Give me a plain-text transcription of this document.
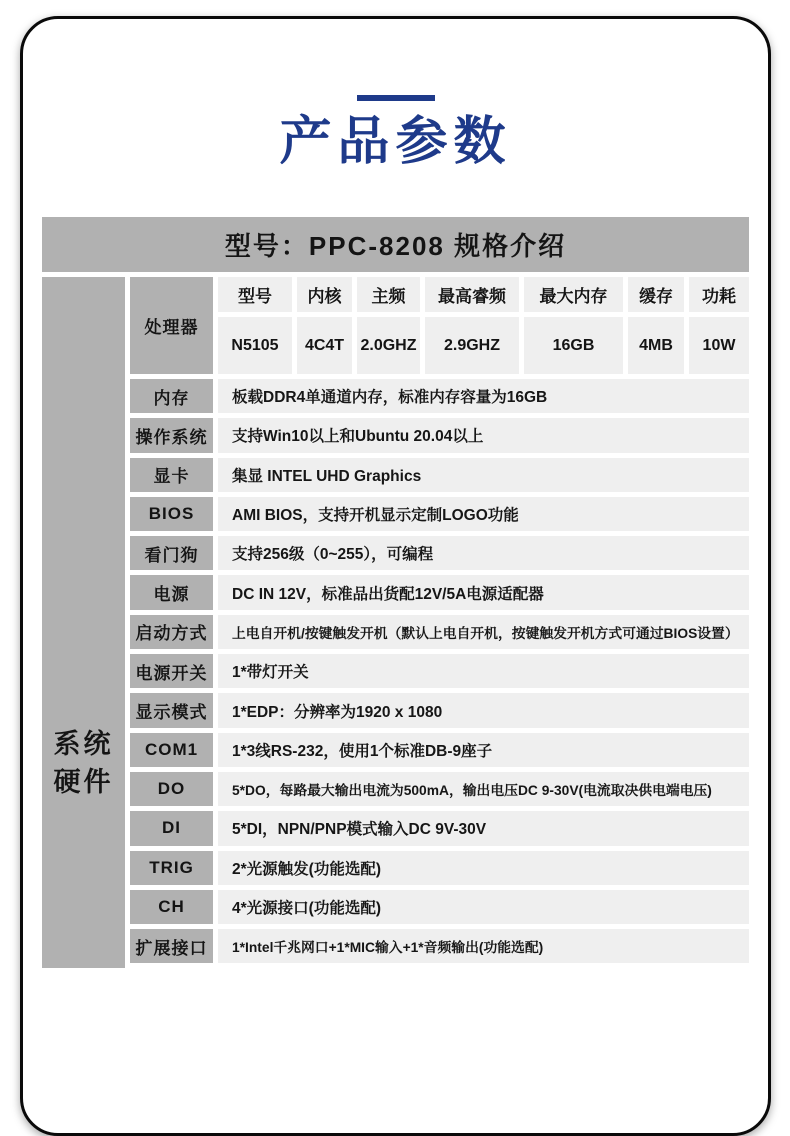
产品参数
型号：PPC-8208 规格介绍
系统
硬件
处理器
型号	内核	主频	最高睿频	最大内存	缓存	功耗
N5105	4C4T	2.0GHZ	2.9GHZ	16GB	4MB	10W
内存	板载DDR4单通道内存，标准内存容量为16GB
操作系统	支持Win10以上和Ubuntu 20.04以上
显卡	集显 INTEL UHD Graphics
BIOS	AMI BIOS，支持开机显示定制LOGO功能
看门狗	支持256级（0~255），可编程
电源	DC IN 12V，标准品出货配12V/5A电源适配器
启动方式	上电自开机/按键触发开机（默认上电自开机，按键触发开机方式可通过BIOS设置）
电源开关	1*带灯开关
显示模式	1*EDP：分辨率为1920 x 1080
COM1	1*3线RS-232，使用1个标准DB-9座子
DO	5*DO，每路最大输出电流为500mA，输出电压DC 9-30V(电流取决供电端电压)
DI	5*DI，NPN/PNP模式输入DC 9V-30V
TRIG	2*光源触发(功能选配)
CH	4*光源接口(功能选配)
扩展接口	1*Intel千兆网口+1*MIC输入+1*音频输出(功能选配)
